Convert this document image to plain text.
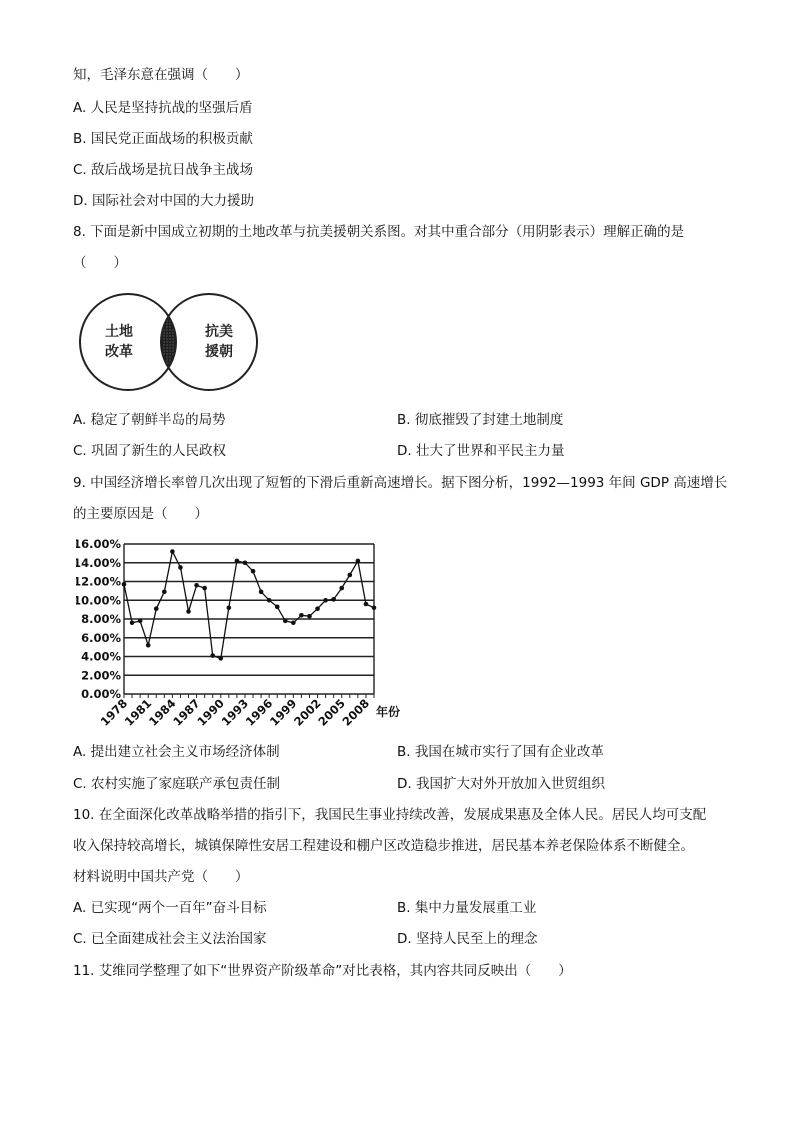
知，毛泽东意在强调（　　）
A. 人民是坚持抗战的坚强后盾
B. 国民党正面战场的积极贡献
C. 敌后战场是抗日战争主战场
D. 国际社会对中国的大力援助
8. 下面是新中国成立初期的土地改革与抗美援朝关系图。对其中重合部分（用阴影表示）理解正确的是
（　　）
土地
改革
抗美
援朝
A. 稳定了朝鲜半岛的局势	B. 彻底摧毁了封建土地制度
C. 巩固了新生的人民政权	D. 壮大了世界和平民主力量
9. 中国经济增长率曾几次出现了短暂的下滑后重新高速增长。据下图分析，1992—1993 年间 GDP 高速增长
的主要原因是（　　）
0.00%
2.00%
4.00%
6.00%
8.00%
10.00%
12.00%
14.00%
16.00%
1978
1981
1984
1987
1990
1993
1996
1999
2002
2005
2008 年份
A. 提出建立社会主义市场经济体制	B. 我国在城市实行了国有企业改革
C. 农村实施了家庭联产承包责任制	D. 我国扩大对外开放加入世贸组织
10. 在全面深化改革战略举措的指引下，我国民生事业持续改善，发展成果惠及全体人民。居民人均可支配
收入保持较高增长，城镇保障性安居工程建设和棚户区改造稳步推进，居民基本养老保险体系不断健全。
材料说明中国共产党（　　）
A. 已实现“两个一百年”奋斗目标	B. 集中力量发展重工业
C. 已全面建成社会主义法治国家	D. 坚持人民至上的理念
11. 艾维同学整理了如下“世界资产阶级革命”对比表格，其内容共同反映出（　　）
